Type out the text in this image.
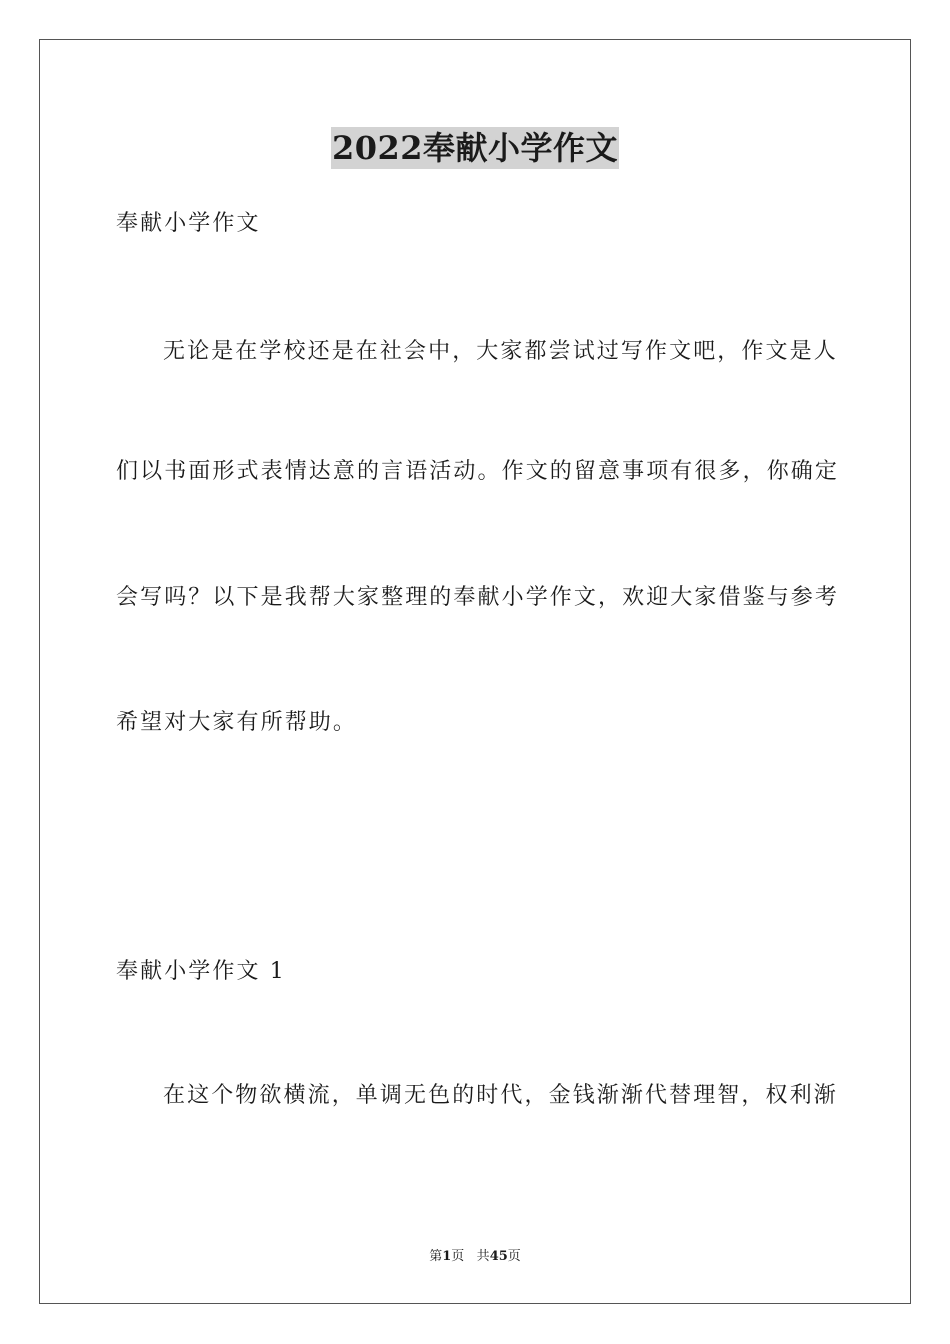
2022奉献小学作文
奉献小学作文
无论是在学校还是在社会中，大家都尝试过写作文吧，作文是人
们以书面形式表情达意的言语活动。作文的留意事项有很多，你确定
会写吗？以下是我帮大家整理的奉献小学作文，欢迎大家借鉴与参考
希望对大家有所帮助。
奉献小学作文 1
在这个物欲横流，单调无色的时代，金钱渐渐代替理智，权利渐
第1页 共45页
